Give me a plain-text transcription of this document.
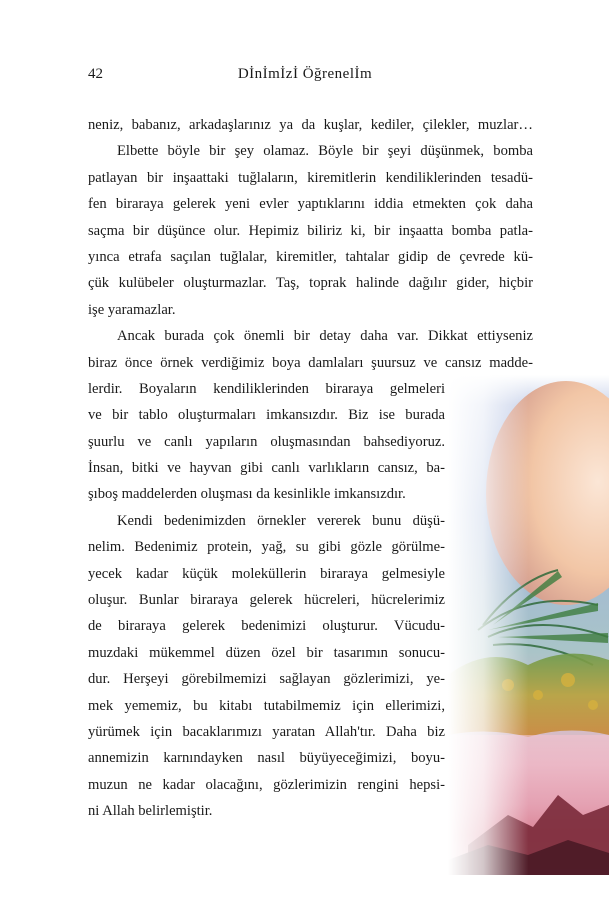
42	Dİnİmİzİ Öğrenelİm
neniz, babanız, arkadaşlarınız ya da kuşlar, kediler, çilekler, muzlar…
Elbette böyle bir şey olamaz. Böyle bir şeyi düşünmek, bomba
patlayan bir inşaattaki tuğlaların, kiremitlerin kendiliklerinden tesadü-
fen biraraya gelerek yeni evler yaptıklarını iddia etmekten çok daha
saçma bir düşünce olur. Hepimiz biliriz ki, bir inşaatta bomba patla-
yınca etrafa saçılan tuğlalar, kiremitler, tahtalar gidip de çevrede kü-
çük kulübeler oluşturmazlar. Taş, toprak halinde dağılır gider, hiçbir
işe yaramazlar.
Ancak burada çok önemli bir detay daha var. Dikkat ettiyseniz
biraz önce örnek verdiğimiz boya damlaları şuursuz ve cansız madde-
lerdir. Boyaların kendiliklerinden biraraya gelmeleri
ve bir tablo oluşturmaları imkansızdır. Biz ise burada
şuurlu ve canlı yapıların oluşmasından bahsediyoruz.
İnsan, bitki ve hayvan gibi canlı varlıkların cansız, ba-
şıboş maddelerden oluşması da kesinlikle imkansızdır.
Kendi bedenimizden örnekler vererek bunu düşü-
nelim. Bedenimiz protein, yağ, su gibi gözle görülme-
yecek kadar küçük moleküllerin biraraya gelmesiyle
oluşur. Bunlar biraraya gelerek hücreleri, hücrelerimiz
de biraraya gelerek bedenimizi oluşturur. Vücudu-
muzdaki mükemmel düzen özel bir tasarımın sonucu-
dur. Herşeyi görebilmemizi sağlayan gözlerimizi, ye-
mek yememiz, bu kitabı tutabilmemiz için ellerimizi,
yürümek için bacaklarımızı yaratan Allah'tır. Daha biz
annemizin karnındayken nasıl büyüyeceğimizi, boyu-
muzun ne kadar olacağını, gözlerimizin rengini hepsi-
ni Allah belirlemiştir.
